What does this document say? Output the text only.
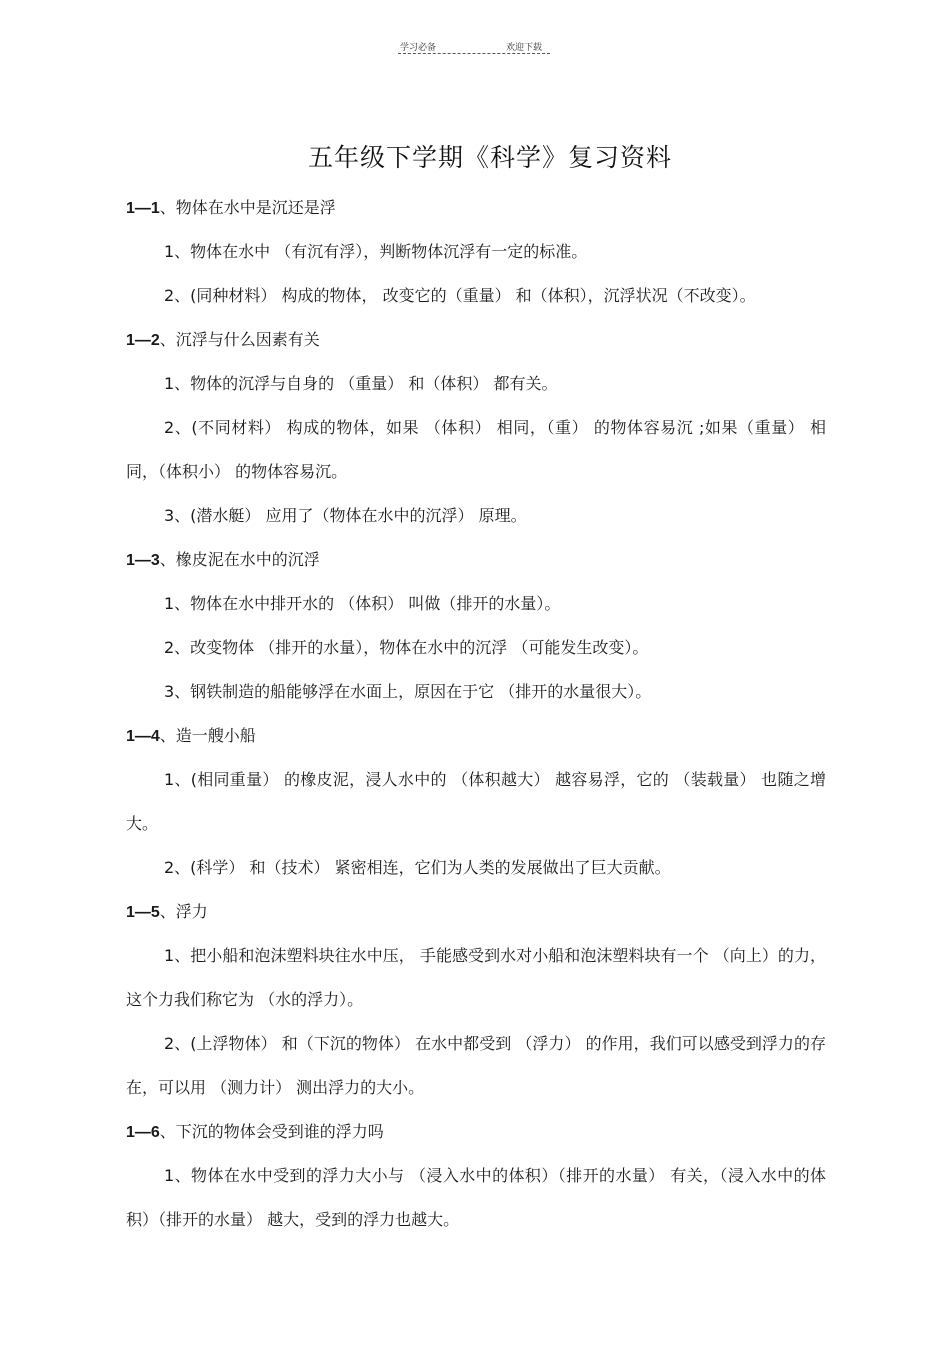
学习必备	欢迎下载
五年级下学期《科学》复习资料

1—1、物体在水中是沉还是浮

1、物体在水中 （有沉有浮），判断物体沉浮有一定的标准。

2、(同种材料） 构成的物体， 改变它的（重量） 和（体积），沉浮状况（不改变）。

1—2、沉浮与什么因素有关

1、物体的沉浮与自身的 （重量） 和（体积） 都有关。

2、(不同材料） 构成的物体，如果 （体积） 相同，（重） 的物体容易沉 ;如果（重量） 相同，（体积小） 的物体容易沉。

3、(潜水艇） 应用了（物体在水中的沉浮） 原理。

1—3、橡皮泥在水中的沉浮

1、物体在水中排开水的 （体积） 叫做（排开的水量）。

2、改变物体 （排开的水量），物体在水中的沉浮 （可能发生改变）。

3、钢铁制造的船能够浮在水面上，原因在于它 （排开的水量很大）。

1—4、造一艘小船

1、(相同重量） 的橡皮泥，浸人水中的 （体积越大） 越容易浮，它的 （装载量） 也随之增大。

2、(科学） 和（技术） 紧密相连，它们为人类的发展做出了巨大贡献。

1—5、浮力

1、把小船和泡沫塑料块往水中压， 手能感受到水对小船和泡沫塑料块有一个 （向上）的力，这个力我们称它为 （水的浮力）。

2、(上浮物体） 和（下沉的物体） 在水中都受到 （浮力） 的作用，我们可以感受到浮力的存在，可以用 （测力计） 测出浮力的大小。

1—6、下沉的物体会受到谁的浮力吗

1、物体在水中受到的浮力大小与 （浸入水中的体积）（排开的水量） 有关，（浸入水中的体积）（排开的水量） 越大，受到的浮力也越大。
